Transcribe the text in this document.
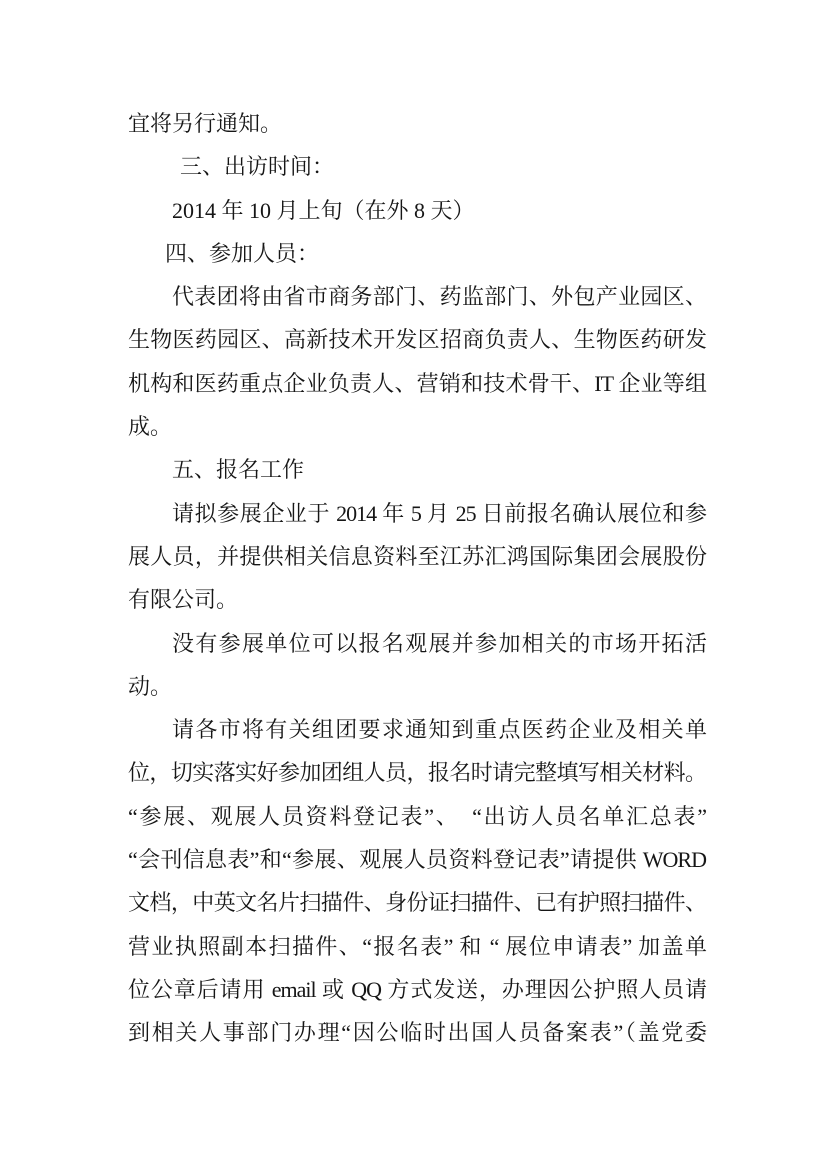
宜将另行通知。
三、出访时间：
2014 年 10 月上旬（在外 8 天）
四、参加人员：
代表团将由省市商务部门、药监部门、外包产业园区、
生物医药园区、高新技术开发区招商负责人、生物医药研发
机构和医药重点企业负责人、营销和技术骨干、IT 企业等组
成。
五、报名工作
请拟参展企业于 2014 年 5 月 25 日前报名确认展位和参
展人员，并提供相关信息资料至江苏汇鸿国际集团会展股份
有限公司。
没有参展单位可以报名观展并参加相关的市场开拓活
动。
请各市将有关组团要求通知到重点医药企业及相关单
位，切实落实好参加团组人员，报名时请完整填写相关材料。
“参展、观展人员资料登记表”、　“出访人员名单汇总表”
“会刊信息表”和“参展、观展人员资料登记表”请提供 WORD
文档，中英文名片扫描件、身份证扫描件、已有护照扫描件、
营业执照副本扫描件、“报名表” 和 “ 展位申请表” 加盖单
位公章后请用 email 或 QQ 方式发送，办理因公护照人员请
到相关人事部门办理“因公临时出国人员备案表”（盖党委
